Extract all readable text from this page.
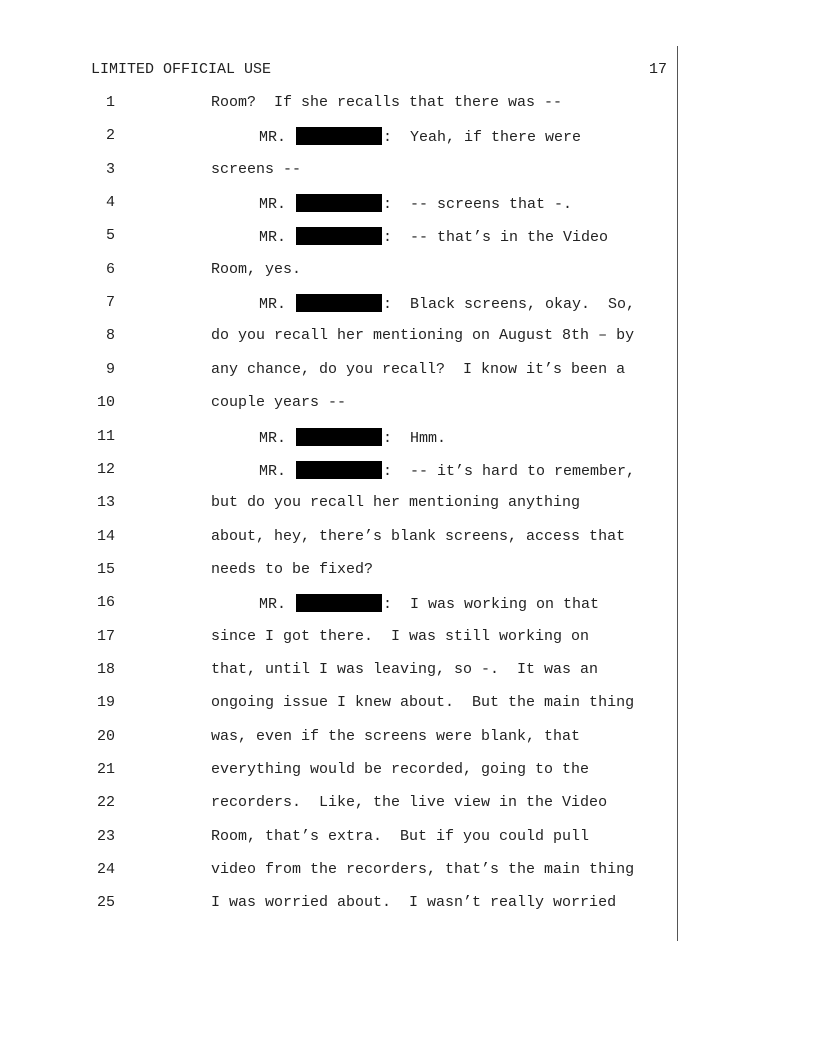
LIMITED OFFICIAL USE	17
1	Room?  If she recalls that there was --
2	MR.	:  Yeah, if there were
3	screens --
4	MR.	:  -- screens that -.
5	MR.	:  -- that’s in the Video
6	Room, yes.
7	MR.	:  Black screens, okay.  So,
8	do you recall her mentioning on August 8th – by
9	any chance, do you recall?  I know it’s been a
10	couple years --
11	MR.	:  Hmm.
12	MR.	:  -- it’s hard to remember,
13	but do you recall her mentioning anything
14	about, hey, there’s blank screens, access that
15	needs to be fixed?
16	MR.	:  I was working on that
17	since I got there.  I was still working on
18	that, until I was leaving, so -.  It was an
19	ongoing issue I knew about.  But the main thing
20	was, even if the screens were blank, that
21	everything would be recorded, going to the
22	recorders.  Like, the live view in the Video
23	Room, that’s extra.  But if you could pull
24	video from the recorders, that’s the main thing
25	I was worried about.  I wasn’t really worried
